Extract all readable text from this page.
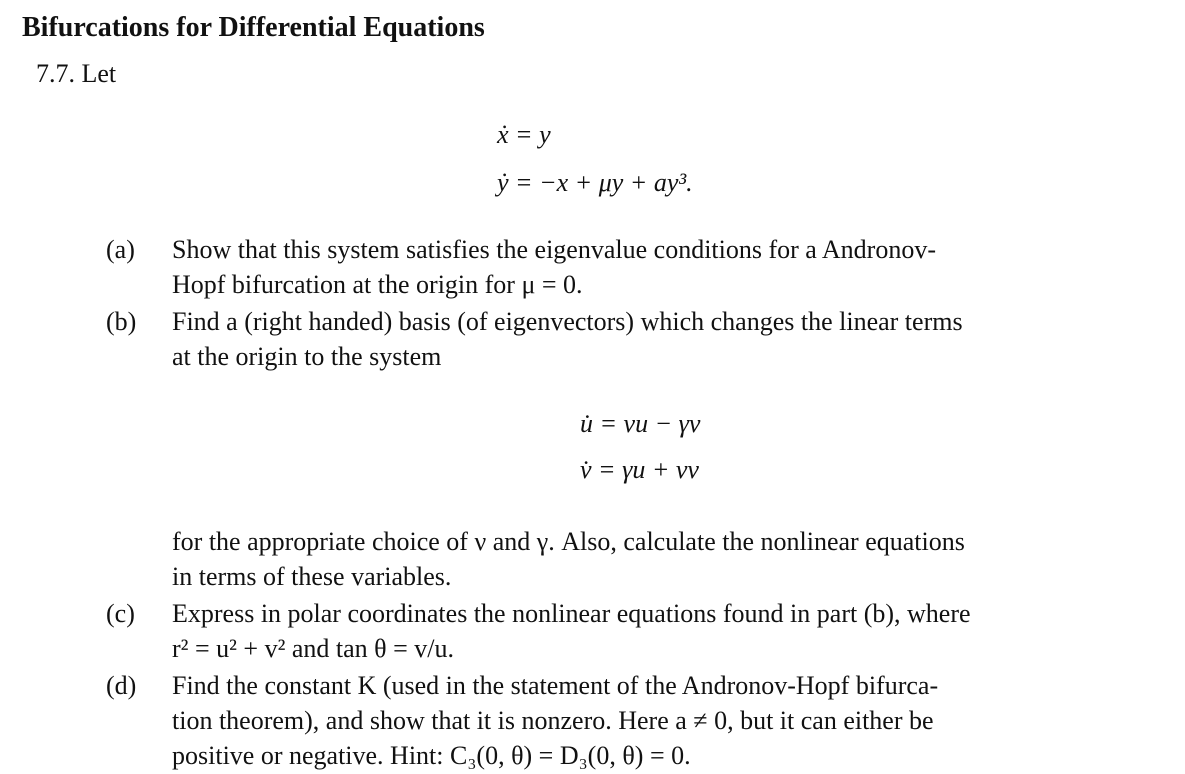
Bifurcations for Differential Equations
7.7. Let
ẋ = y
ẏ = −x + μy + ay³.
(a)	Show that this system satisfies the eigenvalue conditions for a Andronov-
Hopf bifurcation at the origin for μ = 0.
(b)	Find a (right handed) basis (of eigenvectors) which changes the linear terms
at the origin to the system
u̇ = νu − γv
v̇ = γu + νv
for the appropriate choice of ν and γ. Also, calculate the nonlinear equations
in terms of these variables.
(c)	Express in polar coordinates the nonlinear equations found in part (b), where
r² = u² + v² and tan θ = v/u.
(d)	Find the constant K (used in the statement of the Andronov-Hopf bifurca-
tion theorem), and show that it is nonzero. Here a ≠ 0, but it can either be
positive or negative. Hint: C₃(0, θ) = D₃(0, θ) = 0.
